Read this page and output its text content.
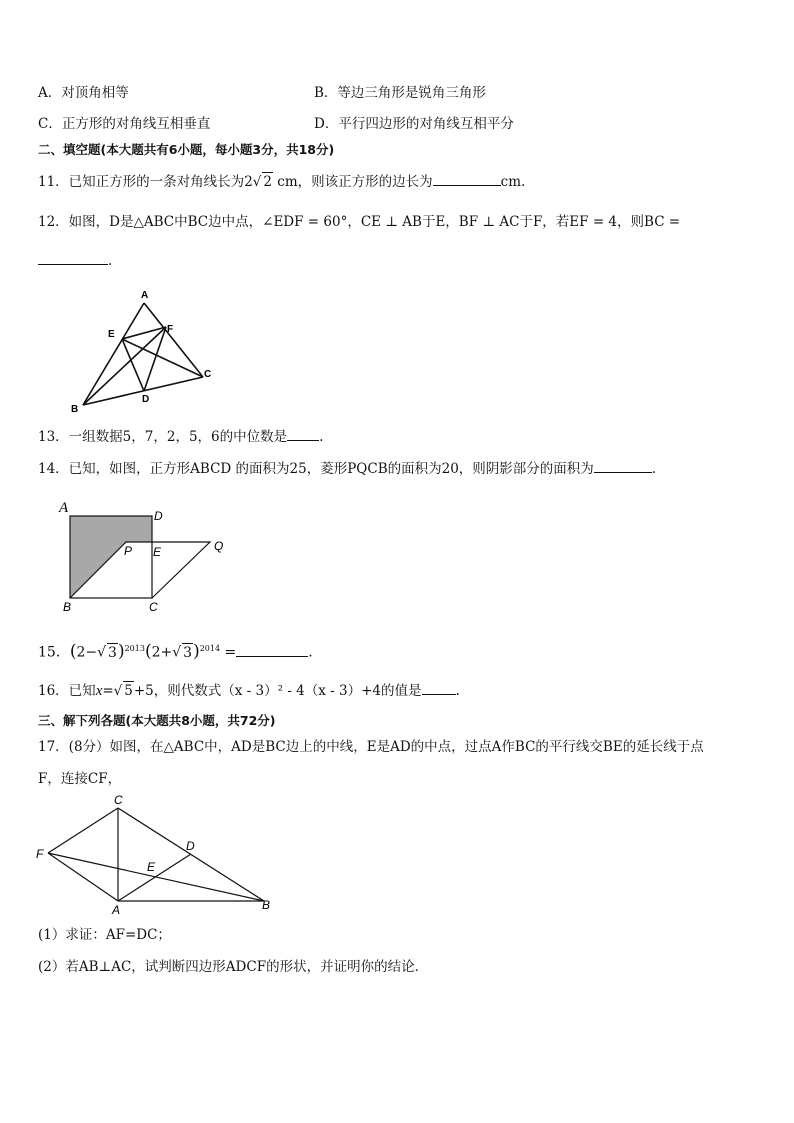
A．对顶角相等	B．等边三角形是锐角三角形
C．正方形的对角线互相垂直	D．平行四边形的对角线互相平分
二、填空题(本大题共有6小题，每小题3分，共18分)
11．已知正方形的一条对角线长为2√ 2 cm，则该正方形的边长为	cm.
12．如图，D是△ABC中BC边中点，∠EDF = 60°，CE ⊥ AB于E，BF ⊥ AC于F，若EF = 4，则BC =
.
A
E	F
C
B
D
13．一组数据5，7，2，5，6的中位数是 .
14．已知，如图，正方形ABCD 的面积为25，菱形PQCB的面积为20，则阴影部分的面积为	.
A	D
P E	Q
B	C
15．(2−√ 3)$^{2013}$(2+√ 3)$^{2014}$ =	.
16．已知x=√ 5+5，则代数式（x - 3）² - 4（x - 3）+4的值是	.
三、解下列各题(本大题共8小题，共72分)
17．(8分）如图，在△ABC中，AD是BC边上的中线，E是AD的中点，过点A作BC的平行线交BE的延长线于点
F，连接CF，
C
D
F
E
A	B
(1）求证：AF=DC；
(2）若AB⊥AC，试判断四边形ADCF的形状，并证明你的结论．
